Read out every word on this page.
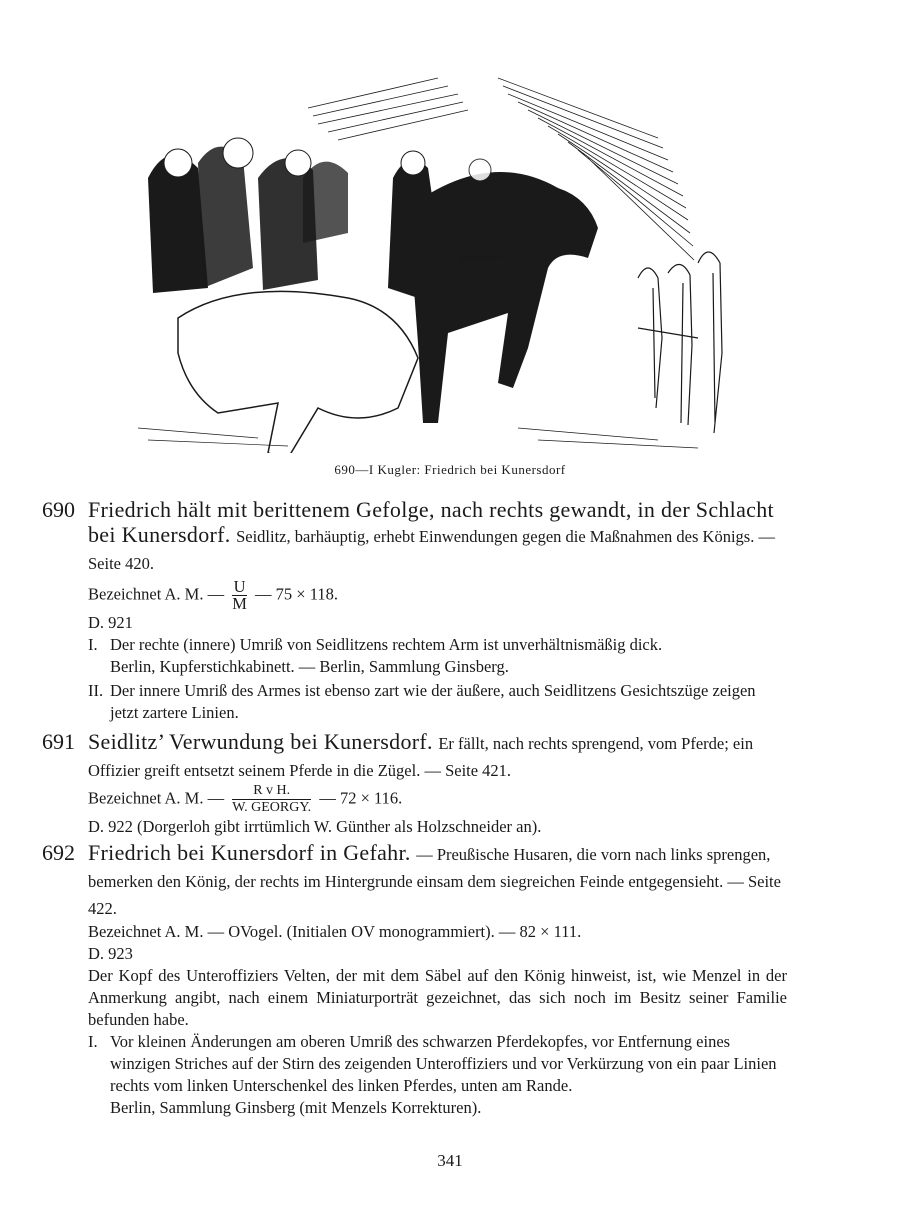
690—I Kugler: Friedrich bei Kunersdorf
690 Friedrich hält mit berittenem Gefolge, nach rechts gewandt, in der Schlacht bei Kunersdorf. Seidlitz, barhäuptig, erhebt Einwendungen gegen die Maßnahmen des Königs. — Seite 420.
Bezeichnet A. M. — $\frac{U}{M}$ — 75 × 118.
D. 921
I. Der rechte (innere) Umriß von Seidlitzens rechtem Arm ist unverhältnismäßig dick.
Berlin, Kupferstichkabinett. — Berlin, Sammlung Ginsberg.
II. Der innere Umriß des Armes ist ebenso zart wie der äußere, auch Seidlitzens Gesichtszüge zeigen jetzt zartere Linien.
691 Seidlitz’ Verwundung bei Kunersdorf. Er fällt, nach rechts sprengend, vom Pferde; ein Offizier greift entsetzt seinem Pferde in die Zügel. — Seite 421.
Bezeichnet A. M. —	R v H.
W. GEORGY.
— 72 × 116.
D. 922 (Dorgerloh gibt irrtümlich W. Günther als Holzschneider an).
692 Friedrich bei Kunersdorf in Gefahr. — Preußische Husaren, die vorn nach links sprengen, bemerken den König, der rechts im Hintergrunde einsam dem siegreichen Feinde entgegensieht. — Seite 422.
Bezeichnet A. M. — OVogel. (Initialen OV monogrammiert). — 82 × 111.
D. 923
Der Kopf des Unteroffiziers Velten, der mit dem Säbel auf den König hinweist, ist, wie Menzel in der Anmerkung angibt, nach einem Miniaturporträt gezeichnet, das sich noch im Besitz seiner Familie befunden habe.
I. Vor kleinen Änderungen am oberen Umriß des schwarzen Pferdekopfes, vor Entfernung eines winzigen Striches auf der Stirn des zeigenden Unteroffiziers und vor Verkürzung von ein paar Linien rechts vom linken Unterschenkel des linken Pferdes, unten am Rande.
Berlin, Sammlung Ginsberg (mit Menzels Korrekturen).
341
